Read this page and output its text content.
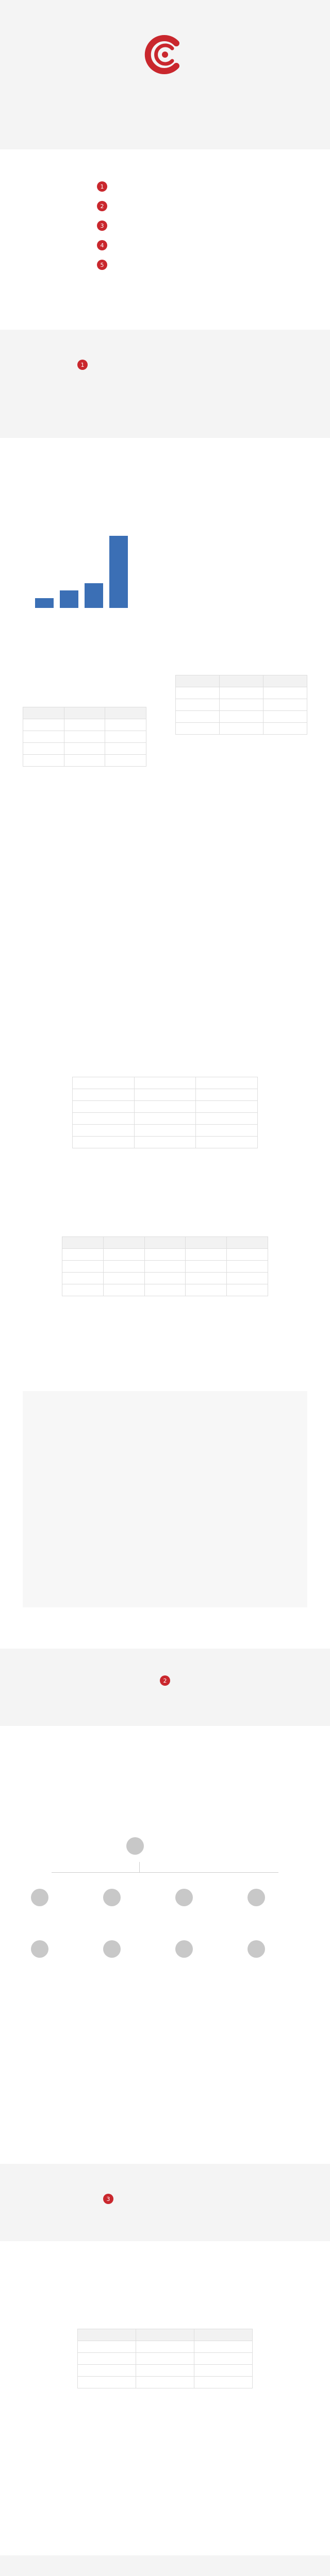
1
2
3
4
5
1

2
3
